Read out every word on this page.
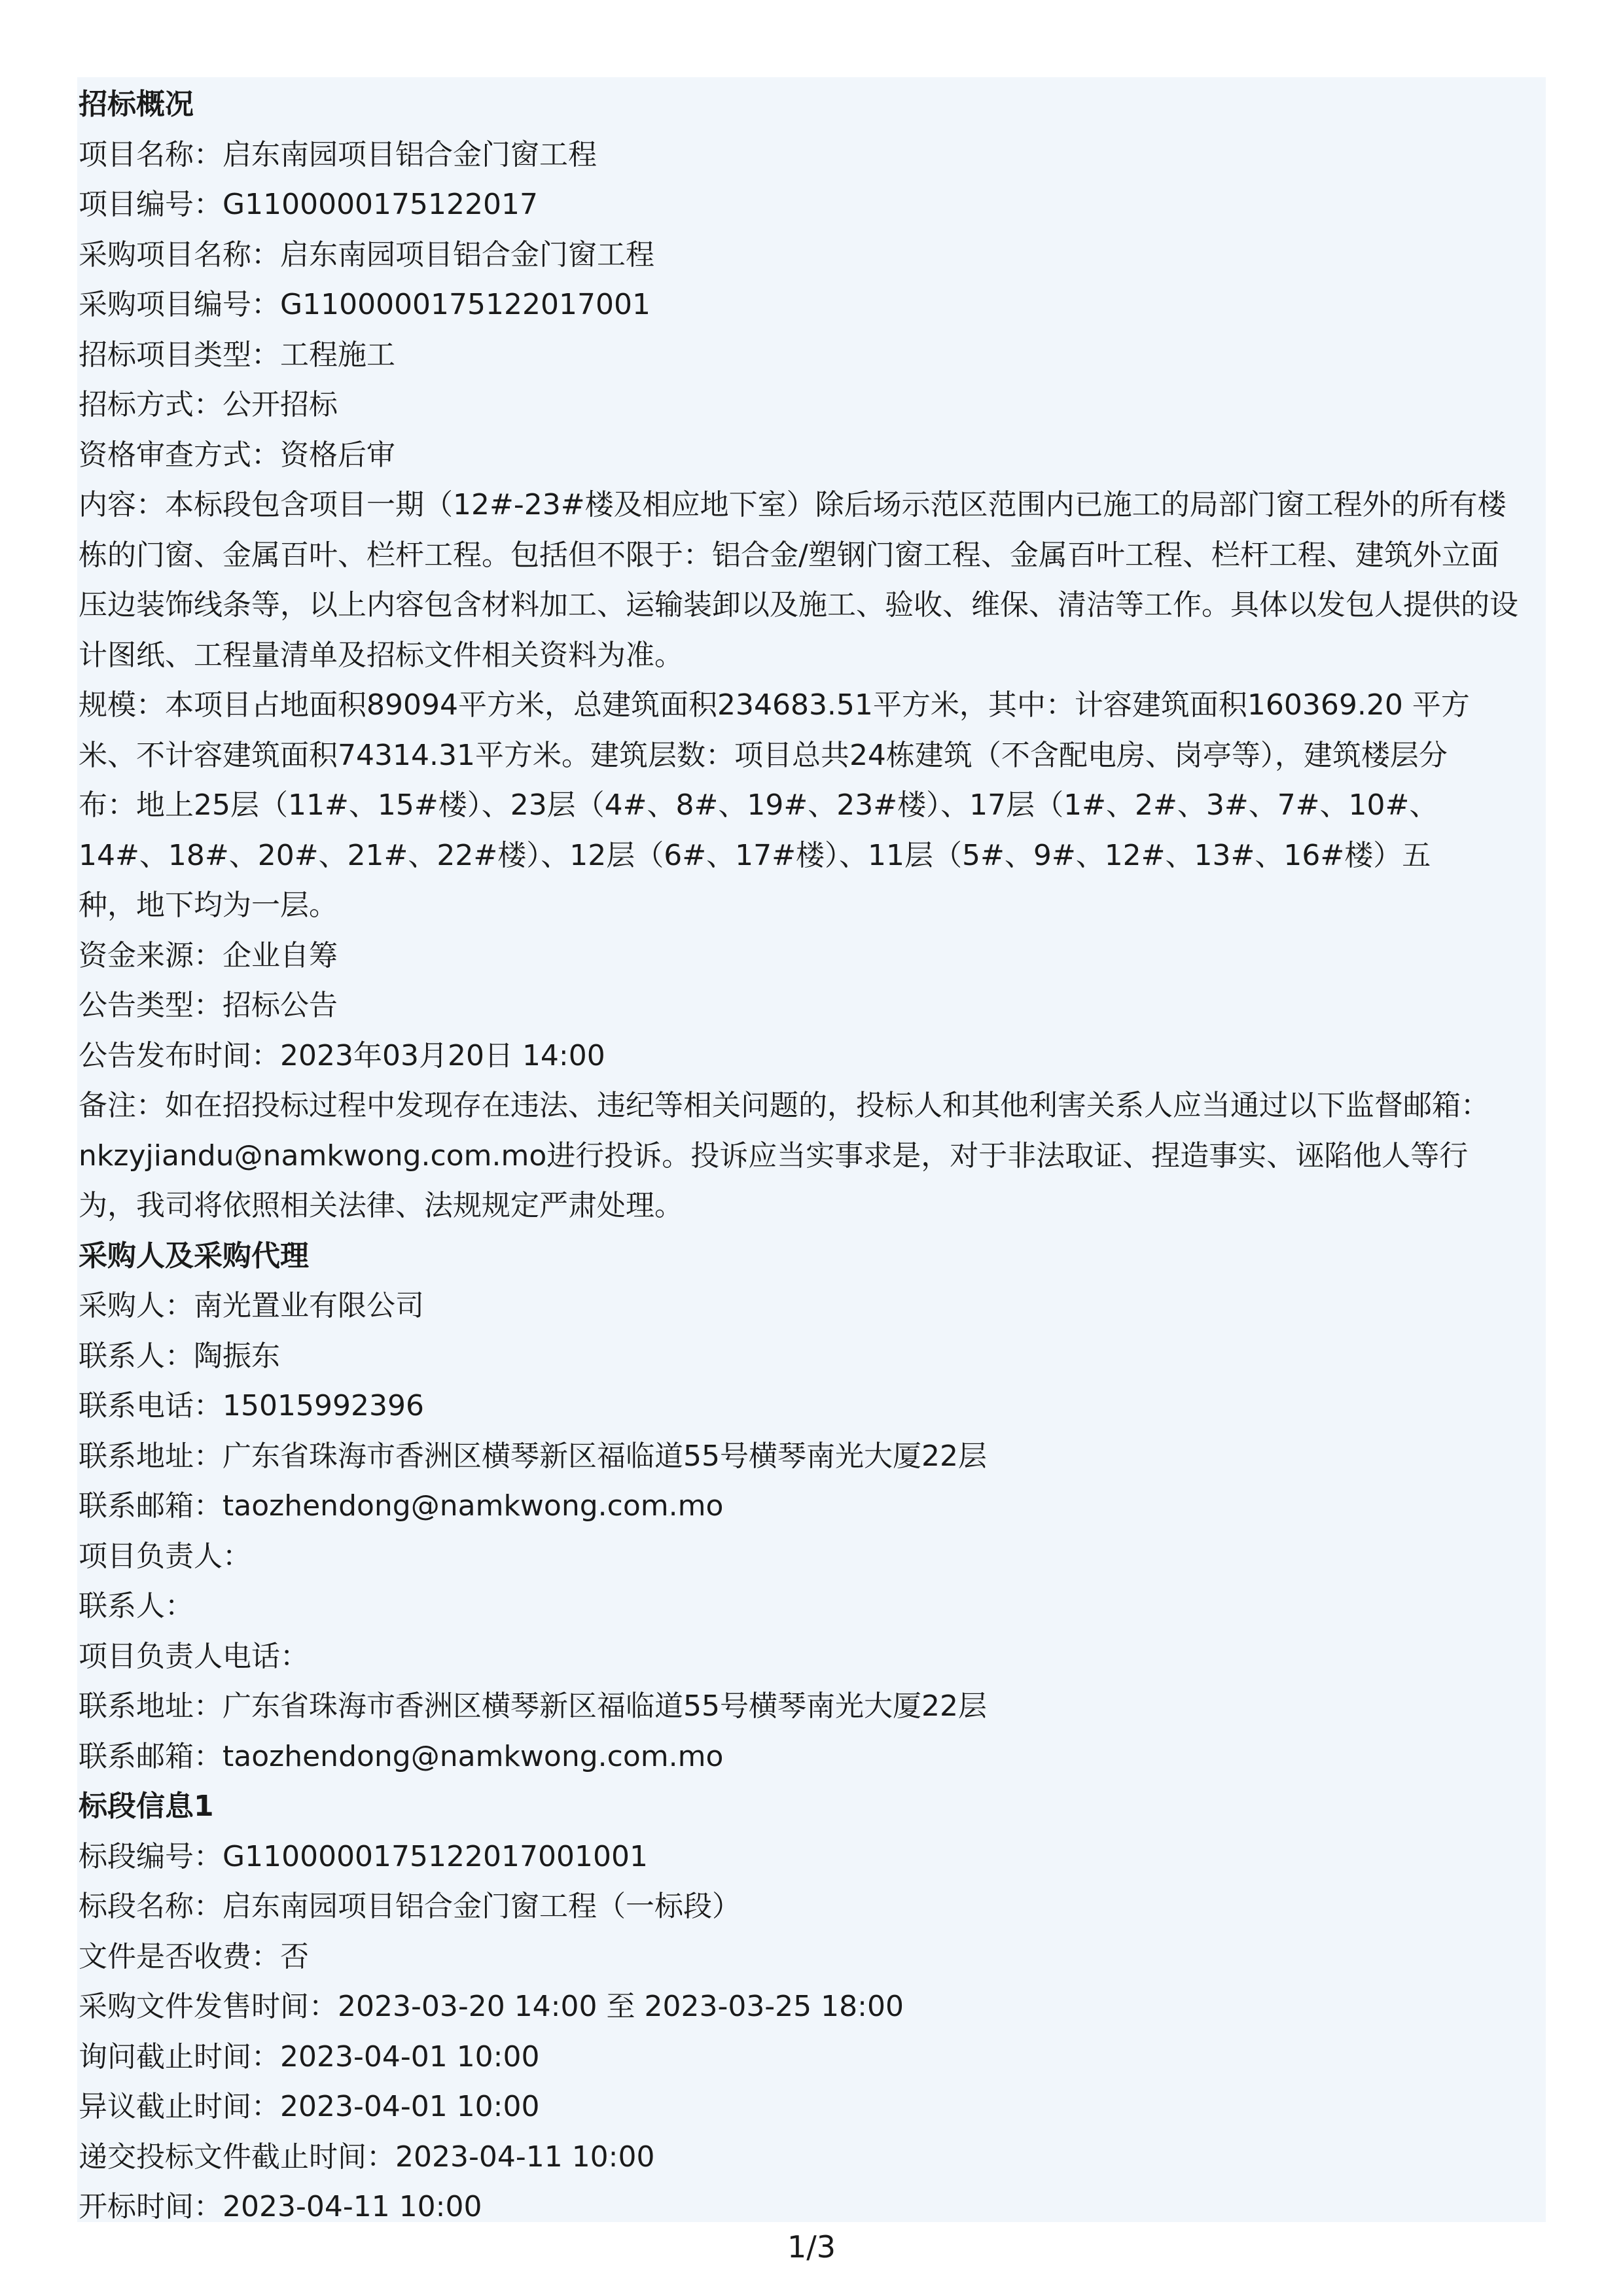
招标概况
项目名称：启东南园项目铝合金门窗工程
项目编号：G1100000175122017
采购项目名称：启东南园项目铝合金门窗工程
采购项目编号：G1100000175122017001
招标项目类型：工程施工
招标方式：公开招标
资格审查方式：资格后审
内容：本标段包含项目一期（12#-23#楼及相应地下室）除后场示范区范围内已施工的局部门窗工程外的所有楼
栋的门窗、金属百叶、栏杆工程。包括但不限于：铝合金/塑钢门窗工程、金属百叶工程、栏杆工程、建筑外立面
压边装饰线条等，以上内容包含材料加工、运输装卸以及施工、验收、维保、清洁等工作。具体以发包人提供的设
计图纸、工程量清单及招标文件相关资料为准。
规模：本项目占地面积89094平方米，总建筑面积234683.51平方米，其中：计容建筑面积160369.20 平方
米、不计容建筑面积74314.31平方米。建筑层数：项目总共24栋建筑（不含配电房、岗亭等），建筑楼层分
布：地上25层（11#、15#楼）、23层（4#、8#、19#、23#楼）、17层（1#、2#、3#、7#、10#、
14#、18#、20#、21#、22#楼）、12层（6#、17#楼）、11层（5#、9#、12#、13#、16#楼）五
种，地下均为一层。
资金来源：企业自筹
公告类型：招标公告
公告发布时间：2023年03月20日 14:00
备注：如在招投标过程中发现存在违法、违纪等相关问题的，投标人和其他利害关系人应当通过以下监督邮箱：
nkzyjiandu@namkwong.com.mo进行投诉。投诉应当实事求是，对于非法取证、捏造事实、诬陷他人等行
为，我司将依照相关法律、法规规定严肃处理。
采购人及采购代理
采购人：南光置业有限公司
联系人：陶振东
联系电话：15015992396
联系地址：广东省珠海市香洲区横琴新区福临道55号横琴南光大厦22层
联系邮箱：taozhendong@namkwong.com.mo
项目负责人：
联系人：
项目负责人电话：
联系地址：广东省珠海市香洲区横琴新区福临道55号横琴南光大厦22层
联系邮箱：taozhendong@namkwong.com.mo
标段信息1
标段编号：G1100000175122017001001
标段名称：启东南园项目铝合金门窗工程（一标段）
文件是否收费：否
采购文件发售时间：2023-03-20 14:00 至 2023-03-25 18:00
询问截止时间：2023-04-01 10:00
异议截止时间：2023-04-01 10:00
递交投标文件截止时间：2023-04-11 10:00
开标时间：2023-04-11 10:00
1/3
